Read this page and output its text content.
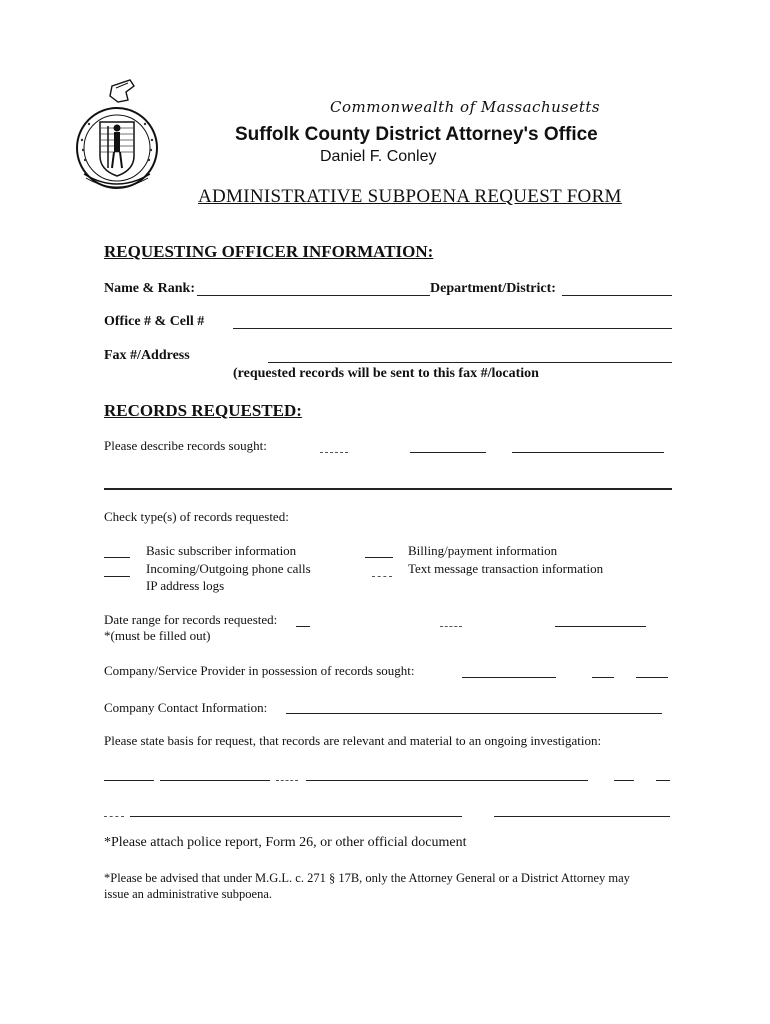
Commonwealth of Massachusetts
Suffolk County District Attorney's Office
Daniel F. Conley
ADMINISTRATIVE SUBPOENA REQUEST FORM
REQUESTING OFFICER INFORMATION:
Name & Rank:	Department/District:
Office # & Cell #
Fax #/Address
(requested records will be sent to this fax #/location
RECORDS REQUESTED:
Please describe records sought:
Check type(s) of records requested:
Basic subscriber information
Incoming/Outgoing phone calls
IP address logs
Billing/payment information
Text message transaction information
Date range for records requested:
*(must be filled out)
Company/Service Provider in possession of records sought:
Company Contact Information:
Please state basis for request, that records are relevant and material to an ongoing investigation:
*Please attach police report, Form 26, or other official document
*Please be advised that under M.G.L. c. 271 § 17B, only the Attorney General or a District Attorney may
issue an administrative subpoena.
